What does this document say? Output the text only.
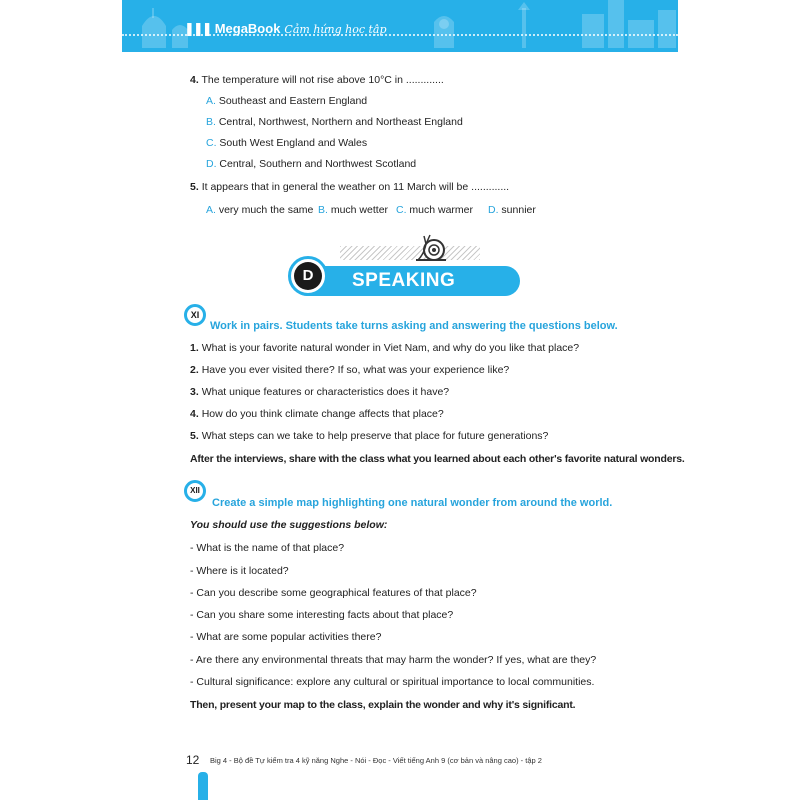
❚❚❚ MegaBook Cảm hứng học tập
4. The temperature will not rise above 10°C in .............
A. Southeast and Eastern England
B. Central, Northwest, Northern and Northeast England
C. South West England and Wales
D. Central, Southern and Northwest Scotland
5. It appears that in general the weather on 11 March will be .............
A. very much the same B. much wetter C. much warmer D. sunnier
D	SPEAKING
XI
Work in pairs. Students take turns asking and answering the questions below.
1. What is your favorite natural wonder in Viet Nam, and why do you like that place?
2. Have you ever visited there? If so, what was your experience like?
3. What unique features or characteristics does it have?
4. How do you think climate change affects that place?
5. What steps can we take to help preserve that place for future generations?
After the interviews, share with the class what you learned about each other's favorite natural wonders.
XII
Create a simple map highlighting one natural wonder from around the world.
You should use the suggestions below:
- What is the name of that place?
- Where is it located?
- Can you describe some geographical features of that place?
- Can you share some interesting facts about that place?
- What are some popular activities there?
- Are there any environmental threats that may harm the wonder? If yes, what are they?
- Cultural significance: explore any cultural or spiritual importance to local communities.
Then, present your map to the class, explain the wonder and why it's significant.
12 Big 4 - Bộ đề Tự kiểm tra 4 kỹ năng Nghe - Nói - Đọc - Viết tiếng Anh 9 (cơ bản và nâng cao) - tập 2
